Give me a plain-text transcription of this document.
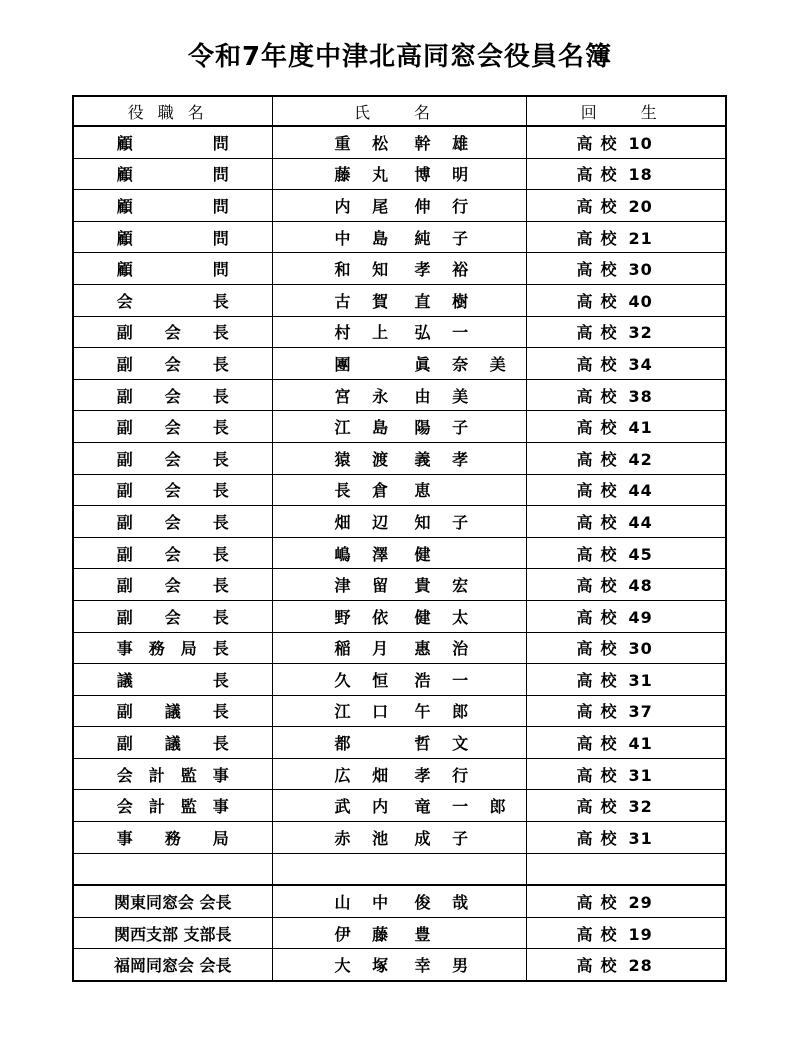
令和7年度中津北高同窓会役員名簿
役職名	氏　名	回　生
顧　問	重 松 幹 雄	高校 10
顧　問	藤 丸 博 明	高校 18
顧　問	内 尾 伸 行	高校 20
顧　問	中 島 純 子	高校 21
顧　問	和 知 孝 裕	高校 30
会　長	古 賀 直 樹	高校 40
副会長	村 上 弘 一	高校 32
副会長	團 眞 奈 美	高校 34
副会長	宮 永 由 美	高校 38
副会長	江 島 陽 子	高校 41
副会長	猿 渡 義 孝	高校 42
副会長	長 倉 恵	高校 44
副会長	畑 辺 知 子	高校 44
副会長	嶋 澤 健	高校 45
副会長	津 留 貴 宏	高校 48
副会長	野 依 健 太	高校 49
事務局長	稲 月 惠 治	高校 30
議　長	久 恒 浩 一	高校 31
副議長	江 口 午 郎	高校 37
副議長	都 哲 文	高校 41
会計監事	広 畑 孝 行	高校 31
会計監事	武 内 竜 一 郎	高校 32
事務局	赤 池 成 子	高校 31

関東同窓会 会長	山 中 俊 哉	高校 29
関西支部 支部長	伊 藤 豊	高校 19
福岡同窓会 会長	大 塚 幸 男	高校 28
